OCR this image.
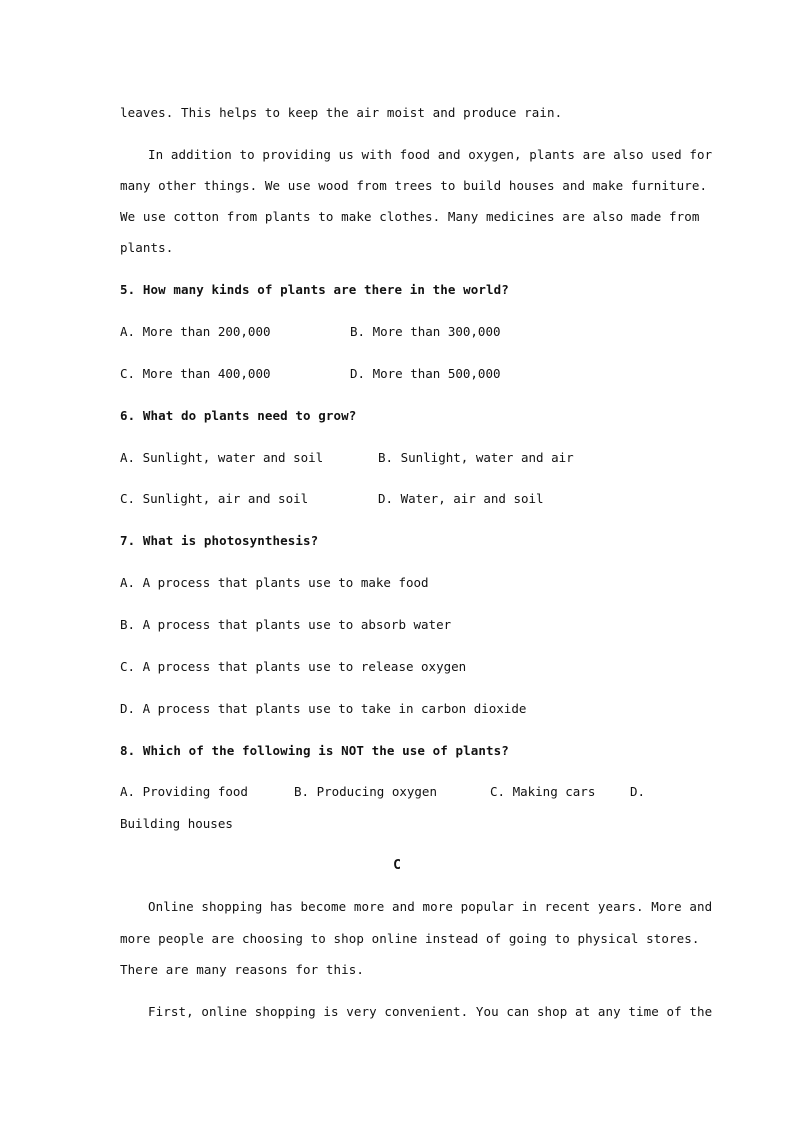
leaves. This helps to keep the air moist and produce rain.
In addition to providing us with food and oxygen, plants are also used for
many other things. We use wood from trees to build houses and make furniture.
We use cotton from plants to make clothes. Many medicines are also made from
plants.
5. How many kinds of plants are there in the world?
A. More than 200,000	B. More than 300,000
C. More than 400,000	D. More than 500,000
6. What do plants need to grow?
A. Sunlight, water and soil	B. Sunlight, water and air
C. Sunlight, air and soil	D. Water, air and soil
7. What is photosynthesis?
A. A process that plants use to make food
B. A process that plants use to absorb water
C. A process that plants use to release oxygen
D. A process that plants use to take in carbon dioxide
8. Which of the following is NOT the use of plants?
A. Providing food	B. Producing oxygen	C. Making cars	D.
Building houses
C
Online shopping has become more and more popular in recent years. More and
more people are choosing to shop online instead of going to physical stores.
There are many reasons for this.
First, online shopping is very convenient. You can shop at any time of the
